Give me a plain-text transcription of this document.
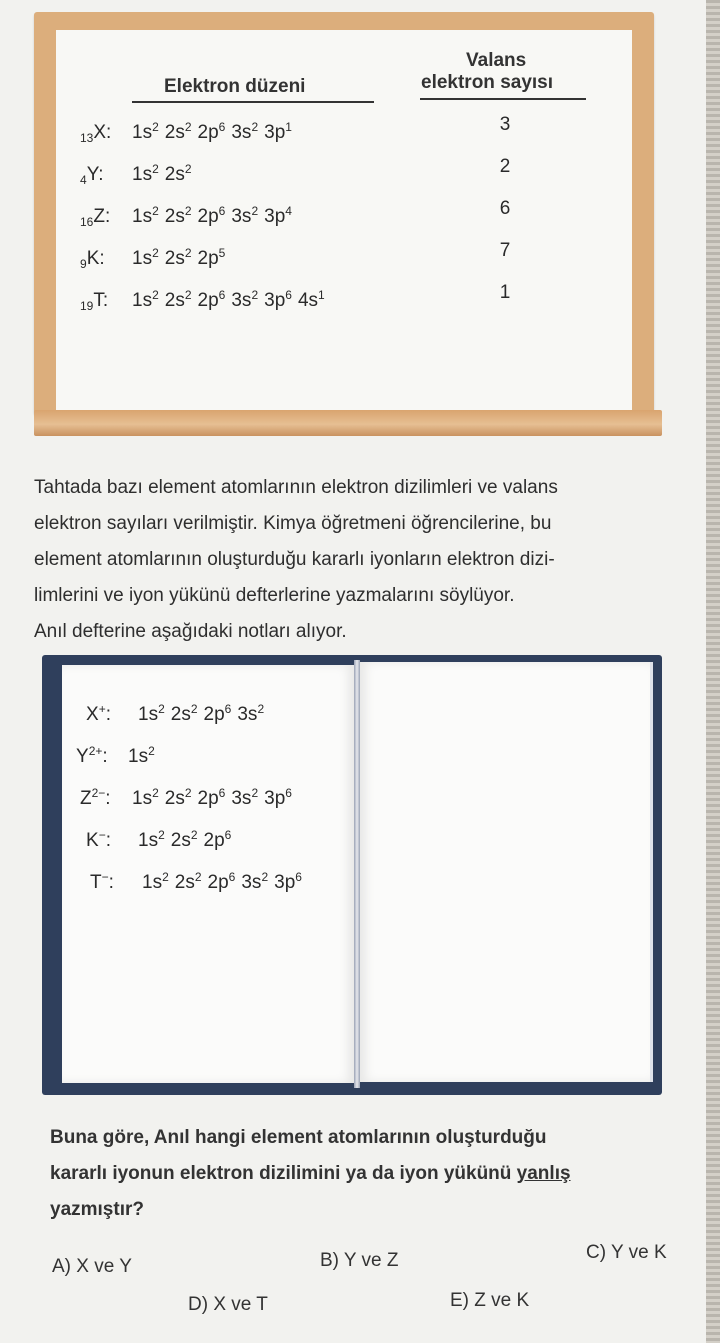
Elektron düzeni
Valans
elektron sayısı
$_{13}$X: $1s^2$ $2s^2$ $2p^6$ $3s^2$ $3p^1$	3
$_4$Y: $1s^2$ $2s^2$	2
$_{16}$Z: $1s^2$ $2s^2$ $2p^6$ $3s^2$ $3p^4$	6
$_9$K: $1s^2$ $2s^2$ $2p^5$	7
$_{19}$T: $1s^2$ $2s^2$ $2p^6$ $3s^2$ $3p^6$ $4s^1$	1

Tahtada bazı element atomlarının elektron dizilimleri ve valans

elektron sayıları verilmiştir. Kimya öğretmeni öğrencilerine, bu

element atomlarının oluşturduğu kararlı iyonların elektron dizi-

limlerini ve iyon yükünü defterlerine yazmalarını söylüyor.

Anıl defterine aşağıdaki notları alıyor.

X+: $1s^2$ $2s^2$ $2p^6$ $3s^2$
$Y^{2+}$: $1s^2$
$Z^{2-}$: $1s^2$ $2s^2$ $2p^6$ $3s^2$ $3p^6$
K−: $1s^2$ $2s^2$ $2p^6$
T−: $1s^2$ $2s^2$ $2p^6$ $3s^2$ $3p^6$

Buna göre, Anıl hangi element atomlarının oluşturduğu

kararlı iyonun elektron dizilimini ya da iyon yükünü yanlış

yazmıştır?

A) X ve Y	B) Y ve Z	C) Y ve K
D) X ve T	E) Z ve K
